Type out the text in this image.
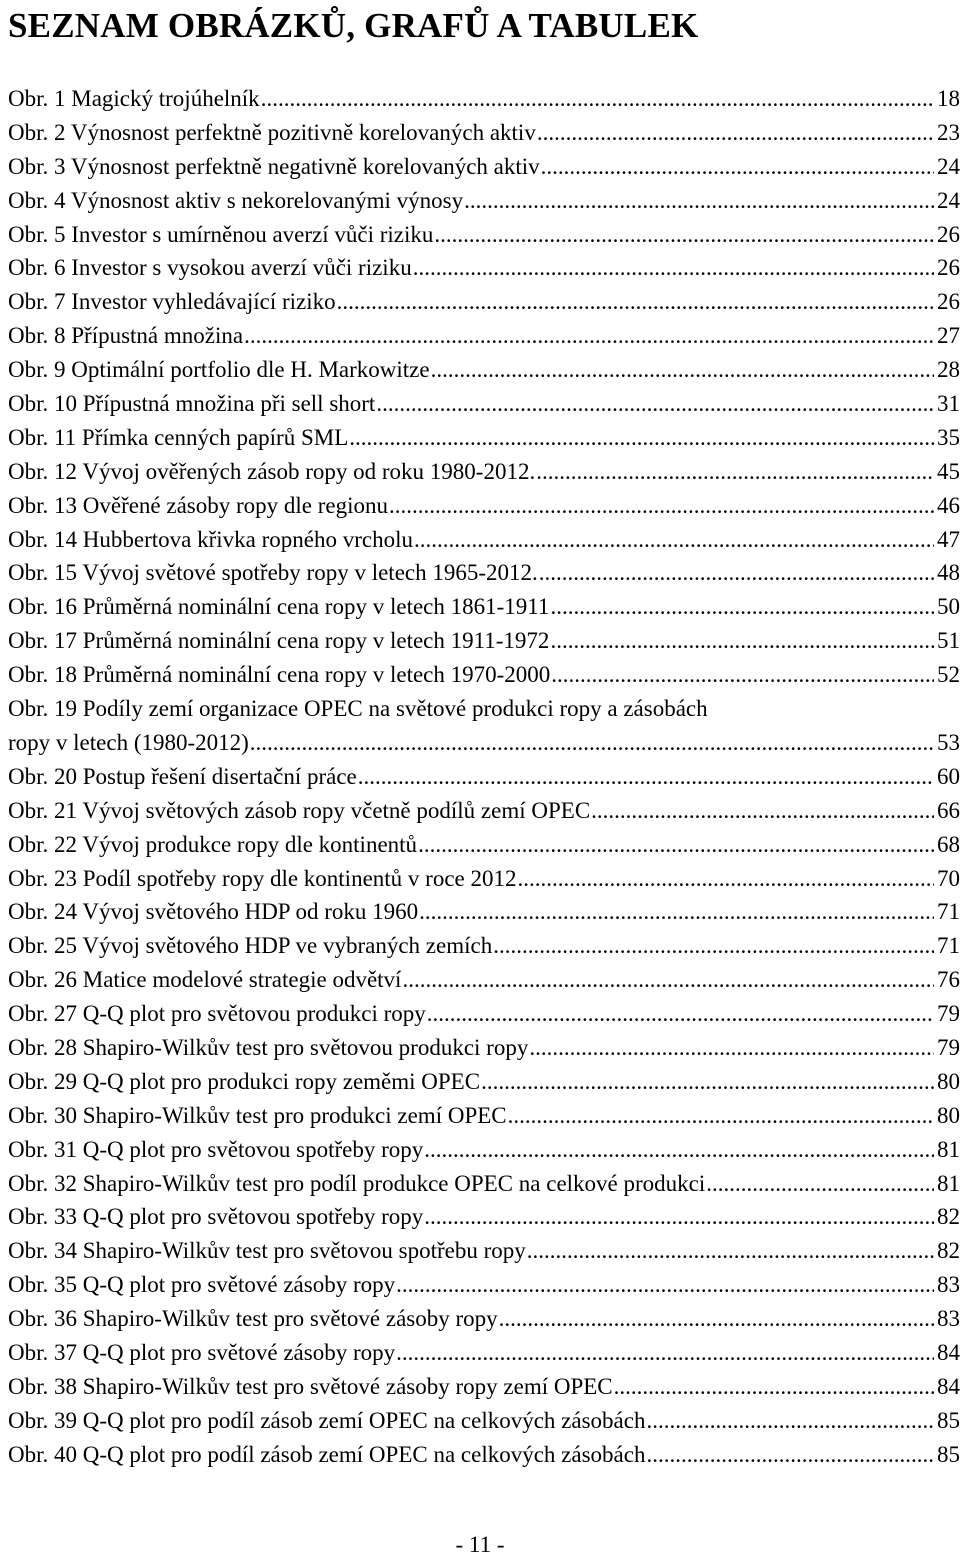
SEZNAM OBRÁZKŮ, GRAFŮ A TABULEK
Obr. 1 Magický trojúhelník .....	18
Obr. 2 Výnosnost perfektně pozitivně korelovaných aktiv .....	23
Obr. 3 Výnosnost perfektně negativně korelovaných aktiv .....	24
Obr. 4 Výnosnost aktiv s nekorelovanými výnosy .....	24
Obr. 5 Investor s umírněnou averzí vůči riziku .....	26
Obr. 6 Investor s vysokou averzí vůči riziku .....	26
Obr. 7 Investor vyhledávající riziko .....	26
Obr. 8 Přípustná množina .....	27
Obr. 9 Optimální portfolio dle H. Markowitze .....	28
Obr. 10 Přípustná množina při sell short .....	31
Obr. 11 Přímka cenných papírů SML .....	35
Obr. 12 Vývoj ověřených zásob ropy od roku 1980-2012. .....	45
Obr. 13 Ověřené zásoby ropy dle regionu .....	46
Obr. 14 Hubbertova křivka ropného vrcholu .....	47
Obr. 15 Vývoj světové spotřeby ropy v letech 1965-2012. .....	48
Obr. 16 Průměrná nominální cena ropy v letech 1861-1911 .....	50
Obr. 17 Průměrná nominální cena ropy v letech 1911-1972 .....	51
Obr. 18 Průměrná nominální cena ropy v letech 1970-2000 .....	52
Obr. 19 Podíly zemí organizace OPEC na světové produkci ropy a zásobách
ropy v letech (1980-2012) .....	53
Obr. 20 Postup řešení disertační práce .....	60
Obr. 21 Vývoj světových zásob ropy včetně podílů zemí OPEC .....	66
Obr. 22 Vývoj produkce ropy dle kontinentů .....	68
Obr. 23 Podíl spotřeby ropy dle kontinentů v roce 2012 .....	70
Obr. 24 Vývoj světového HDP od roku 1960 .....	71
Obr. 25 Vývoj světového HDP ve vybraných zemích .....	71
Obr. 26 Matice modelové strategie odvětví .....	76
Obr. 27 Q-Q plot pro světovou produkci ropy .....	79
Obr. 28 Shapiro-Wilkův test pro světovou produkci ropy .....	79
Obr. 29 Q-Q plot pro produkci ropy zeměmi OPEC .....	80
Obr. 30 Shapiro-Wilkův test pro produkci zemí OPEC .....	80
Obr. 31 Q-Q plot pro světovou spotřeby ropy .....	81
Obr. 32 Shapiro-Wilkův test pro podíl produkce OPEC na celkové produkci .....	81
Obr. 33 Q-Q plot pro světovou spotřeby ropy .....	82
Obr. 34 Shapiro-Wilkův test pro světovou spotřebu ropy .....	82
Obr. 35 Q-Q plot pro světové zásoby ropy .....	83
Obr. 36 Shapiro-Wilkův test pro světové zásoby ropy .....	83
Obr. 37 Q-Q plot pro světové zásoby ropy .....	84
Obr. 38 Shapiro-Wilkův test pro světové zásoby ropy zemí OPEC .....	84
Obr. 39 Q-Q plot pro podíl zásob zemí OPEC na celkových zásobách .....	85
Obr. 40 Q-Q plot pro podíl zásob zemí OPEC na celkových zásobách .....	85
- 11 -
